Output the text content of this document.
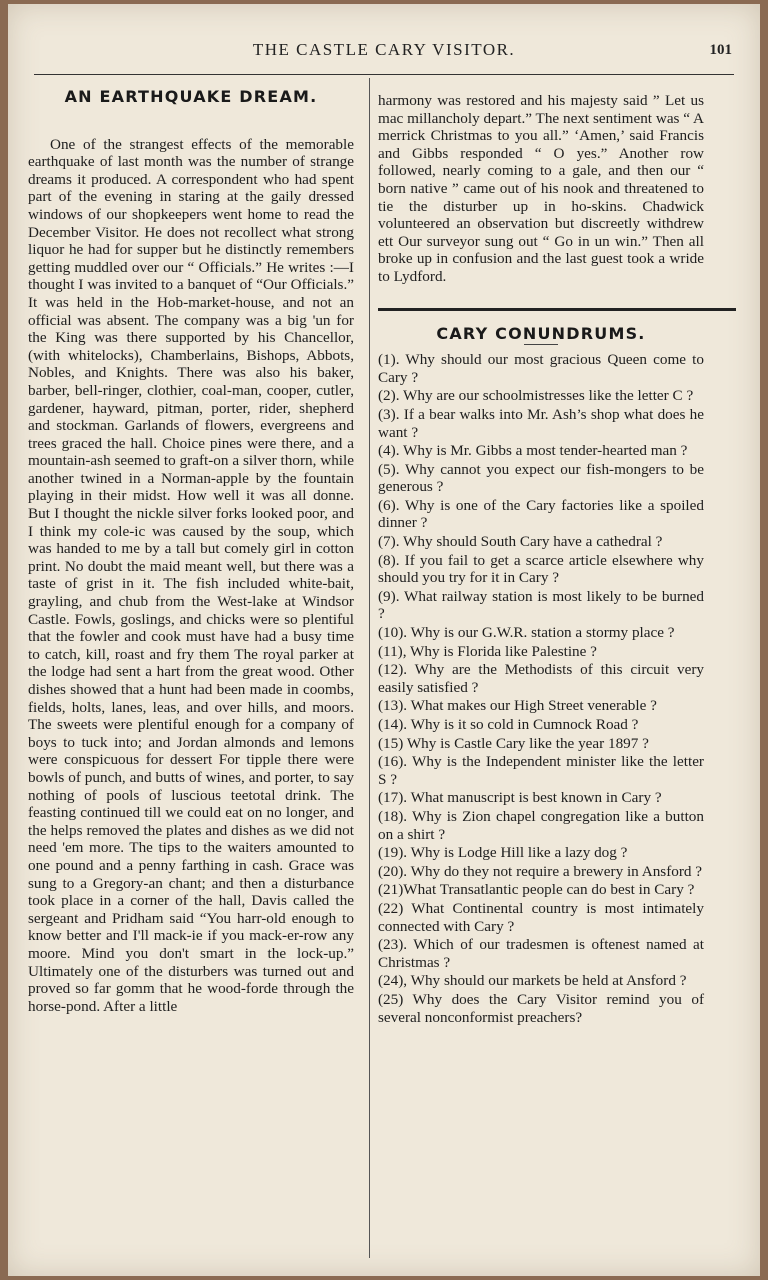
THE CASTLE CARY VISITOR.	101
AN EARTHQUAKE DREAM.

One of the strangest effects of the memorable earthquake of last month was the number of strange dreams it produced. A correspondent who had spent part of the evening in staring at the gaily dressed windows of our shopkeepers went home to read the December Visitor. He does not recollect what strong liquor he had for supper but he distinctly remembers getting muddled over our “ Officials.” He writes :—I thought I was invited to a banquet of “Our Officials.” It was held in the Hob-market-house, and not an official was absent. The company was a big 'un for the King was there supported by his Chancellor, (with whitelocks), Chamberlains, Bishops, Abbots, Nobles, and Knights. There was also his baker, barber, bell-ringer, clothier, coal-man, cooper, cutler, gardener, hayward, pitman, porter, rider, shepherd and stockman. Garlands of flowers, evergreens and trees graced the hall. Choice pines were there, and a mountain-ash seemed to graft-on a silver thorn, while another twined in a Norman-apple by the fountain playing in their midst. How well it was all donne. But I thought the nickle silver forks looked poor, and I think my cole-ic was caused by the soup, which was handed to me by a tall but comely girl in cotton print. No doubt the maid meant well, but there was a taste of grist in it. The fish included white-bait, grayling, and chub from the West-lake at Windsor Castle. Fowls, goslings, and chicks were so plentiful that the fowler and cook must have had a busy time to catch, kill, roast and fry them The royal parker at the lodge had sent a hart from the great wood. Other dishes showed that a hunt had been made in coombs, fields, holts, lanes, leas, and over hills, and moors. The sweets were plentiful enough for a company of boys to tuck into; and Jordan almonds and lemons were conspicuous for dessert For tipple there were bowls of punch, and butts of wines, and porter, to say nothing of pools of luscious teetotal drink. The feasting continued till we could eat on no longer, and the helps removed the plates and dishes as we did not need 'em more. The tips to the waiters amounted to one pound and a penny farthing in cash. Grace was sung to a Gregory-an chant; and then a disturbance took place in a corner of the hall, Davis called the sergeant and Pridham said “You harr-old enough to know better and I'll mack-ie if you mack-er-row any moore. Mind you don't smart in the lock-up.” Ultimately one of the disturbers was turned out and proved so far gomm that he wood-forde through the horse-pond. After a little

harmony was restored and his majesty said ” Let us mac millancholy depart.” The next sentiment was “ A merrick Christmas to you all.” ‘Amen,’ said Francis and Gibbs responded “ O yes.” Another row followed, nearly coming to a gale, and then our “ born native ” came out of his nook and threatened to tie the disturber up in ho-skins. Chadwick volunteered an observation but discreetly withdrew ett Our surveyor sung out “ Go in un win.” Then all broke up in confusion and the last guest took a wride to Lydford.

CARY CONUNDRUMS.

(1). Why should our most gracious Queen come to Cary ?

(2). Why are our schoolmistresses like the letter C ?

(3). If a bear walks into Mr. Ash’s shop what does he want ?

(4). Why is Mr. Gibbs a most tender-hearted man ?

(5). Why cannot you expect our fish-mongers to be generous ?

(6). Why is one of the Cary factories like a spoiled dinner ?

(7). Why should South Cary have a cathedral ?

(8). If you fail to get a scarce article elsewhere why should you try for it in Cary ?

(9). What railway station is most likely to be burned ?

(10). Why is our G.W.R. station a stormy place ?

(11), Why is Florida like Palestine ?

(12). Why are the Methodists of this circuit very easily satisfied ?

(13). What makes our High Street venerable ?

(14). Why is it so cold in Cumnock Road ?

(15) Why is Castle Cary like the year 1897 ?

(16). Why is the Independent minister like the letter S ?

(17). What manuscript is best known in Cary ?

(18). Why is Zion chapel congregation like a button on a shirt ?

(19). Why is Lodge Hill like a lazy dog ?

(20). Why do they not require a brewery in Ansford ?

(21)What Transatlantic people can do best in Cary ?

(22) What Continental country is most intimately connected with Cary ?

(23). Which of our tradesmen is oftenest named at Christmas ?

(24), Why should our markets be held at Ansford ?

(25) Why does the Cary Visitor remind you of several nonconformist preachers?
